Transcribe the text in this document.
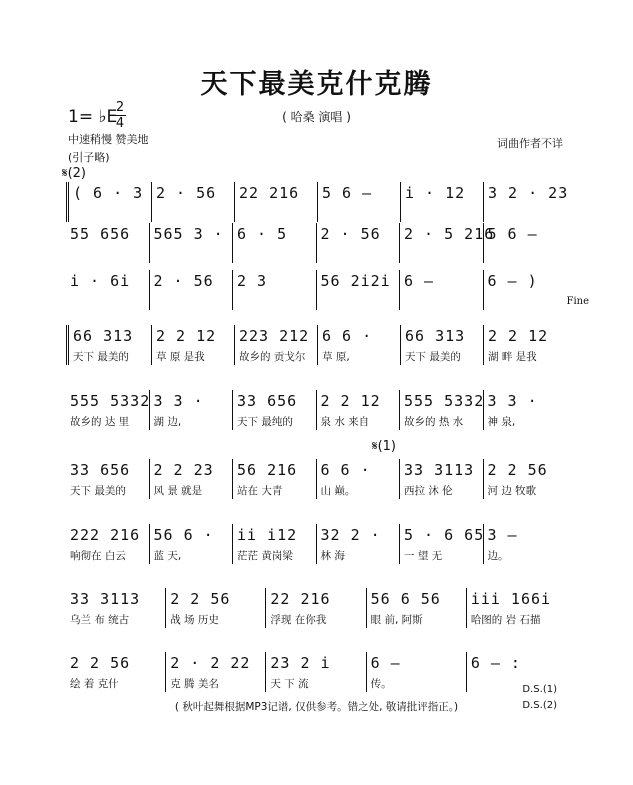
天下最美克什克腾
( 哈桑 演唱 )
1= ♭E
2
4
中速稍慢 赞美地
(引子略)
词曲作者不详
𝄋(2)
𝄋(1)
( 6 · 3 2 · 56	22 216	5 6 –	i · 12	3 2 · 23
55 656	565 3 · 6 · 5	2 · 56	2 · 5 216
5 6 –
i · 6i	2 · 56	2 3	56 2i2i 6 –	6 – )
66 313
天下 最美的
2 2 12
草 原 是我
223 212
故乡的 贡戈尔
6 6 ·
草 原,
66 313
天下 最美的
2 2 12
湖 畔 是我
555 5332
故乡的 达 里
3 3 ·
湖 边,
33 656
天下 最纯的
2 2 12
泉 水 来自
555 5332
故乡的 热 水
3 3 ·
神 泉,
33 656
天下 最美的
2 2 23
风 景 就是
56 216
站在 大青
6 6 ·
山 巅。
33 3113
西拉 沐 伦
2 2 56
河 边 牧歌
222 216
响彻在 白云
56 6 ·
蓝 天,
ii i12
茫茫 黄岗梁
32 2 ·
林 海
5 · 6 65
一 望 无
3 –
边。
33 3113
乌兰 布 统古
2 2 56
战 场 历史
22 216
浮现 在你我
56 6 56
眼 前, 阿斯
iii 166i
哈图的 岩 石描
2 2 56
绘 着 克什
2 · 2 22
克 腾 美名
23 2 i
天 下 流
6 –
传。
6 – :
Fine
D.S.(1)
D.S.(2)
( 秋叶起舞根据MP3记谱, 仅供参考。错之处, 敬请批评指正。)
